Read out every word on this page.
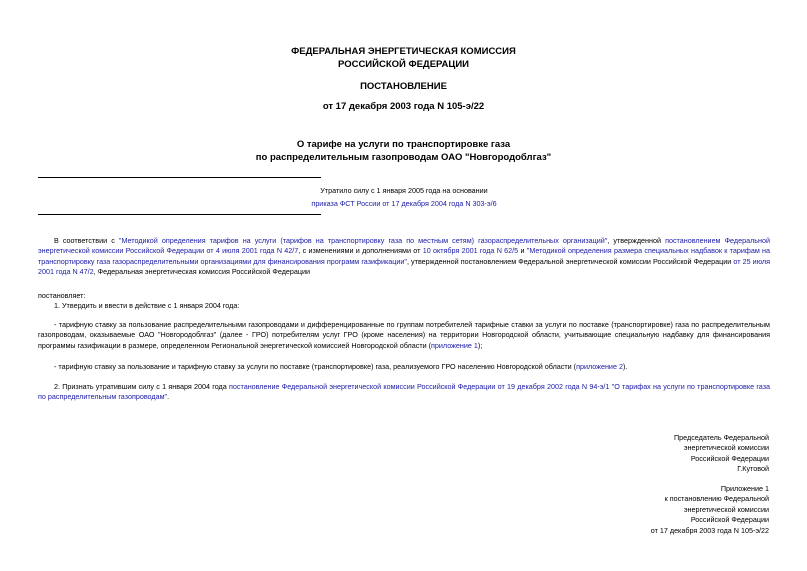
ФЕДЕРАЛЬНАЯ ЭНЕРГЕТИЧЕСКАЯ КОМИССИЯ
РОССИЙСКОЙ ФЕДЕРАЦИИ
ПОСТАНОВЛЕНИЕ
от 17 декабря 2003 года N 105-э/22
О тарифе на услуги по транспортировке газа
по распределительным газопроводам ОАО "Новгородоблгаз"
Утратило силу с 1 января 2005 года на основании
приказа ФСТ России от 17 декабря 2004 года N 303-э/6
В соответствии с "Методикой определения тарифов на услуги (тарифов на транспортировку газа по местным сетям) газораспределительных организаций", утвержденной постановлением Федеральной энергетической комиссии Российской Федерации от 4 июля 2001 года N 42/7, с изменениями и дополнениями от 10 октября 2001 года N 62/5 и "Методикой определения размера специальных надбавок к тарифам на транспортировку газа газораспределительными организациями для финансирования программ газификации", утвержденной постановлением Федеральной энергетической комиссии Российской Федерации от 25 июля 2001 года N 47/2, Федеральная энергетическая комиссия Российской Федерации
постановляет:
1. Утвердить и ввести в действие с 1 января 2004 года:
- тарифную ставку за пользование распределительными газопроводами и дифференцированные по группам потребителей тарифные ставки за услуги по поставке (транспортировке) газа по распределительным газопроводам, оказываемые ОАО "Новгородоблгаз" (далее - ГРО) потребителям услуг ГРО (кроме населения) на территории Новгородской области, учитывающие специальную надбавку для финансирования программы газификации в размере, определенном Региональной энергетической комиссией Новгородской области (приложение 1);
- тарифную ставку за пользование и тарифную ставку за услуги по поставке (транспортировке) газа, реализуемого ГРО населению Новгородской области (приложение 2).
2. Признать утратившим силу с 1 января 2004 года постановление Федеральной энергетической комиссии Российской Федерации от 19 декабря 2002 года N 94-э/1 "О тарифах на услуги по транспортировке газа по распределительным газопроводам".
Председатель Федеральной
энергетической комиссии
Российской Федерации
Г.Кутовой
Приложение 1
к постановлению Федеральной
энергетической комиссии
Российской Федерации
от 17 декабря 2003 года N 105-э/22
